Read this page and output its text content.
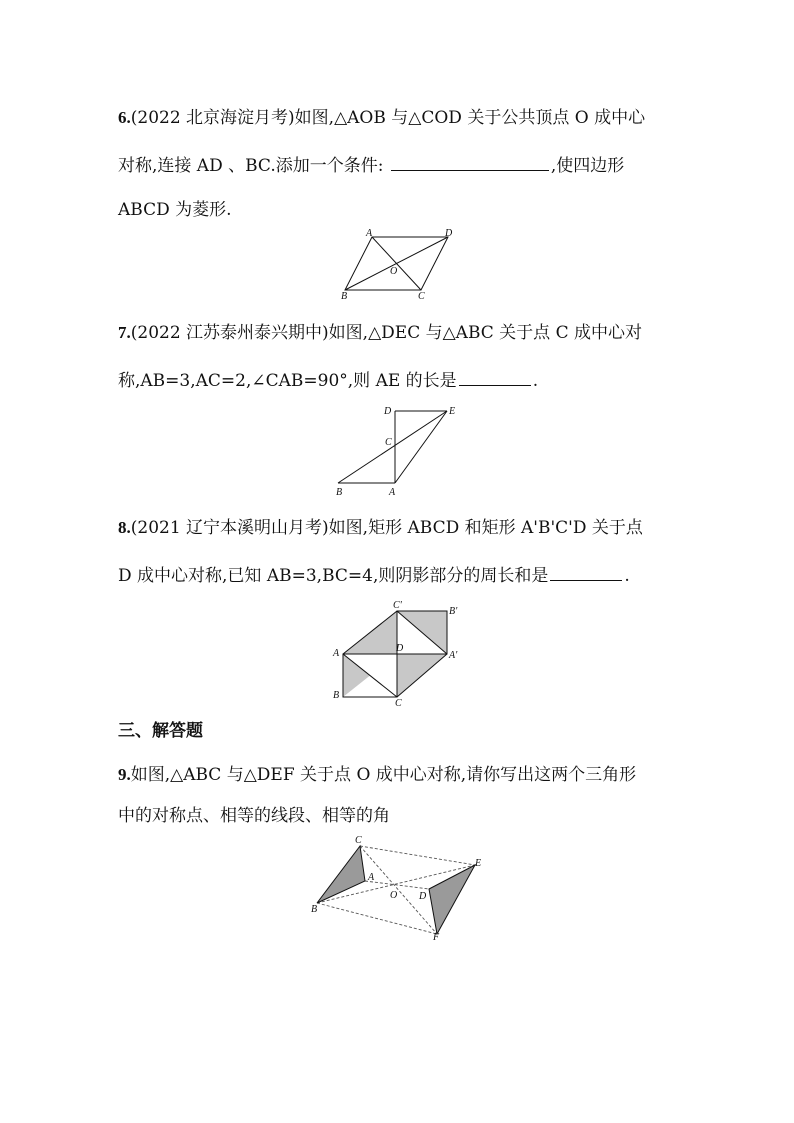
6.(2022 北京海淀月考)如图,△AOB 与△COD 关于公共顶点 O 成中心
对称,连接 AD 、BC.添加一个条件:	,使四边形
ABCD 为菱形.
A	D
O
B	C
7.(2022 江苏泰州泰兴期中)如图,△DEC 与△ABC 关于点 C 成中心对
称,AB=3,AC=2,∠CAB=90°,则 AE 的长是	.
D	E
C
B	A
8.(2021 辽宁本溪明山月考)如图,矩形 ABCD 和矩形 A'B'C'D 关于点
D 成中心对称,已知 AB=3,BC=4,则阴影部分的周长和是	.
C'
B'
A	D
A'
B
C
三、解答题
9.如图,△ABC 与△DEF 关于点 O 成中心对称,请你写出这两个三角形
中的对称点、相等的线段、相等的角
C
A
B
O D
E
F
